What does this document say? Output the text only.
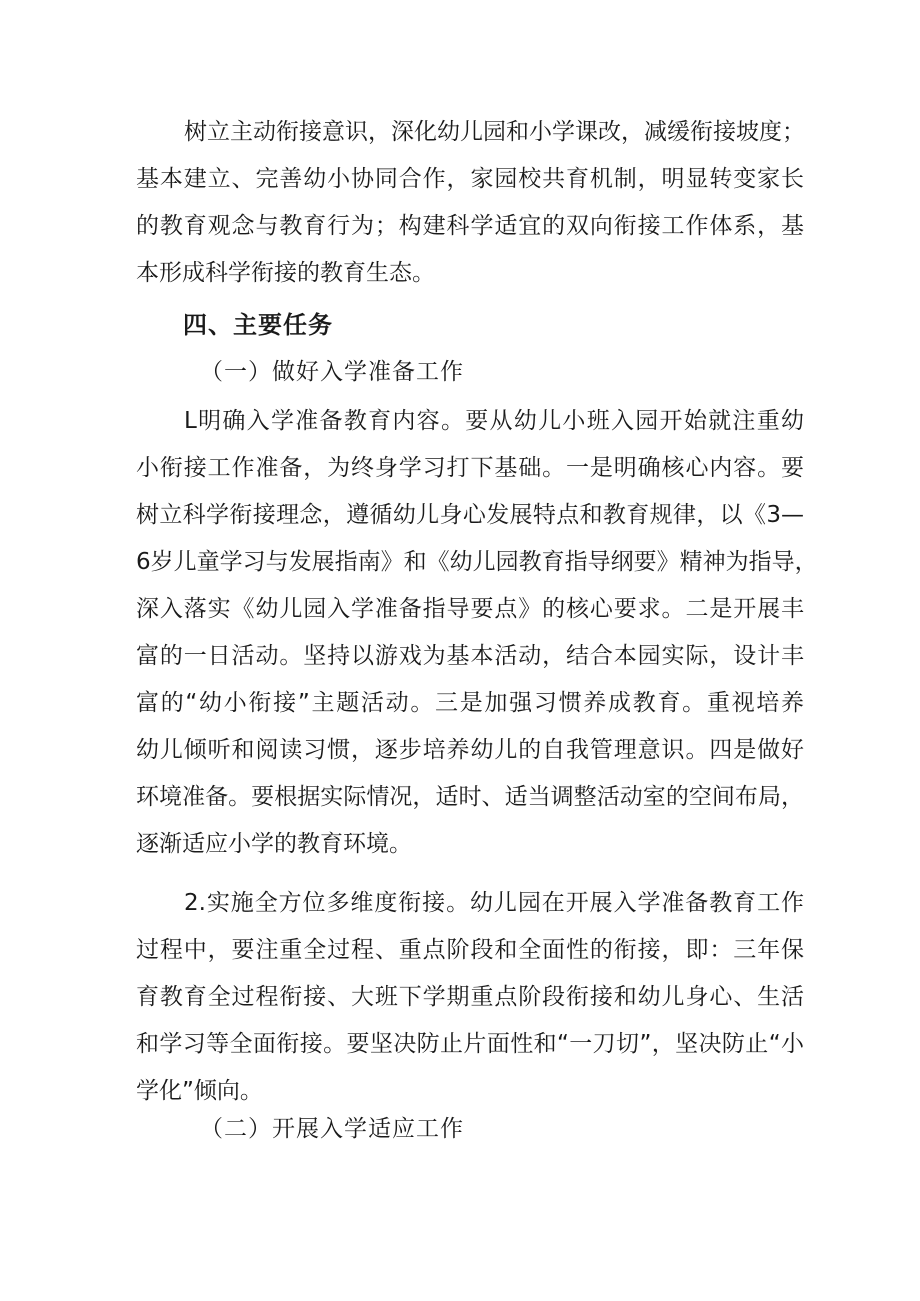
树立主动衔接意识，深化幼儿园和小学课改，减缓衔接坡度；
基本建立、完善幼小协同合作，家园校共育机制，明显转变家长
的教育观念与教育行为；构建科学适宜的双向衔接工作体系，基
本形成科学衔接的教育生态。
四、主要任务
（一）做好入学准备工作
L明确入学准备教育内容。要从幼儿小班入园开始就注重幼
小衔接工作准备，为终身学习打下基础。一是明确核心内容。要
树立科学衔接理念，遵循幼儿身心发展特点和教育规律，以《3—
6岁儿童学习与发展指南》和《幼儿园教育指导纲要》精神为指导，
深入落实《幼儿园入学准备指导要点》的核心要求。二是开展丰
富的一日活动。坚持以游戏为基本活动，结合本园实际，设计丰
富的“幼小衔接”主题活动。三是加强习惯养成教育。重视培养
幼儿倾听和阅读习惯，逐步培养幼儿的自我管理意识。四是做好
环境准备。要根据实际情况，适时、适当调整活动室的空间布局，
逐渐适应小学的教育环境。
2.实施全方位多维度衔接。幼儿园在开展入学准备教育工作
过程中，要注重全过程、重点阶段和全面性的衔接，即：三年保
育教育全过程衔接、大班下学期重点阶段衔接和幼儿身心、生活
和学习等全面衔接。要坚决防止片面性和“一刀切”，坚决防止“小
学化”倾向。
（二）开展入学适应工作
